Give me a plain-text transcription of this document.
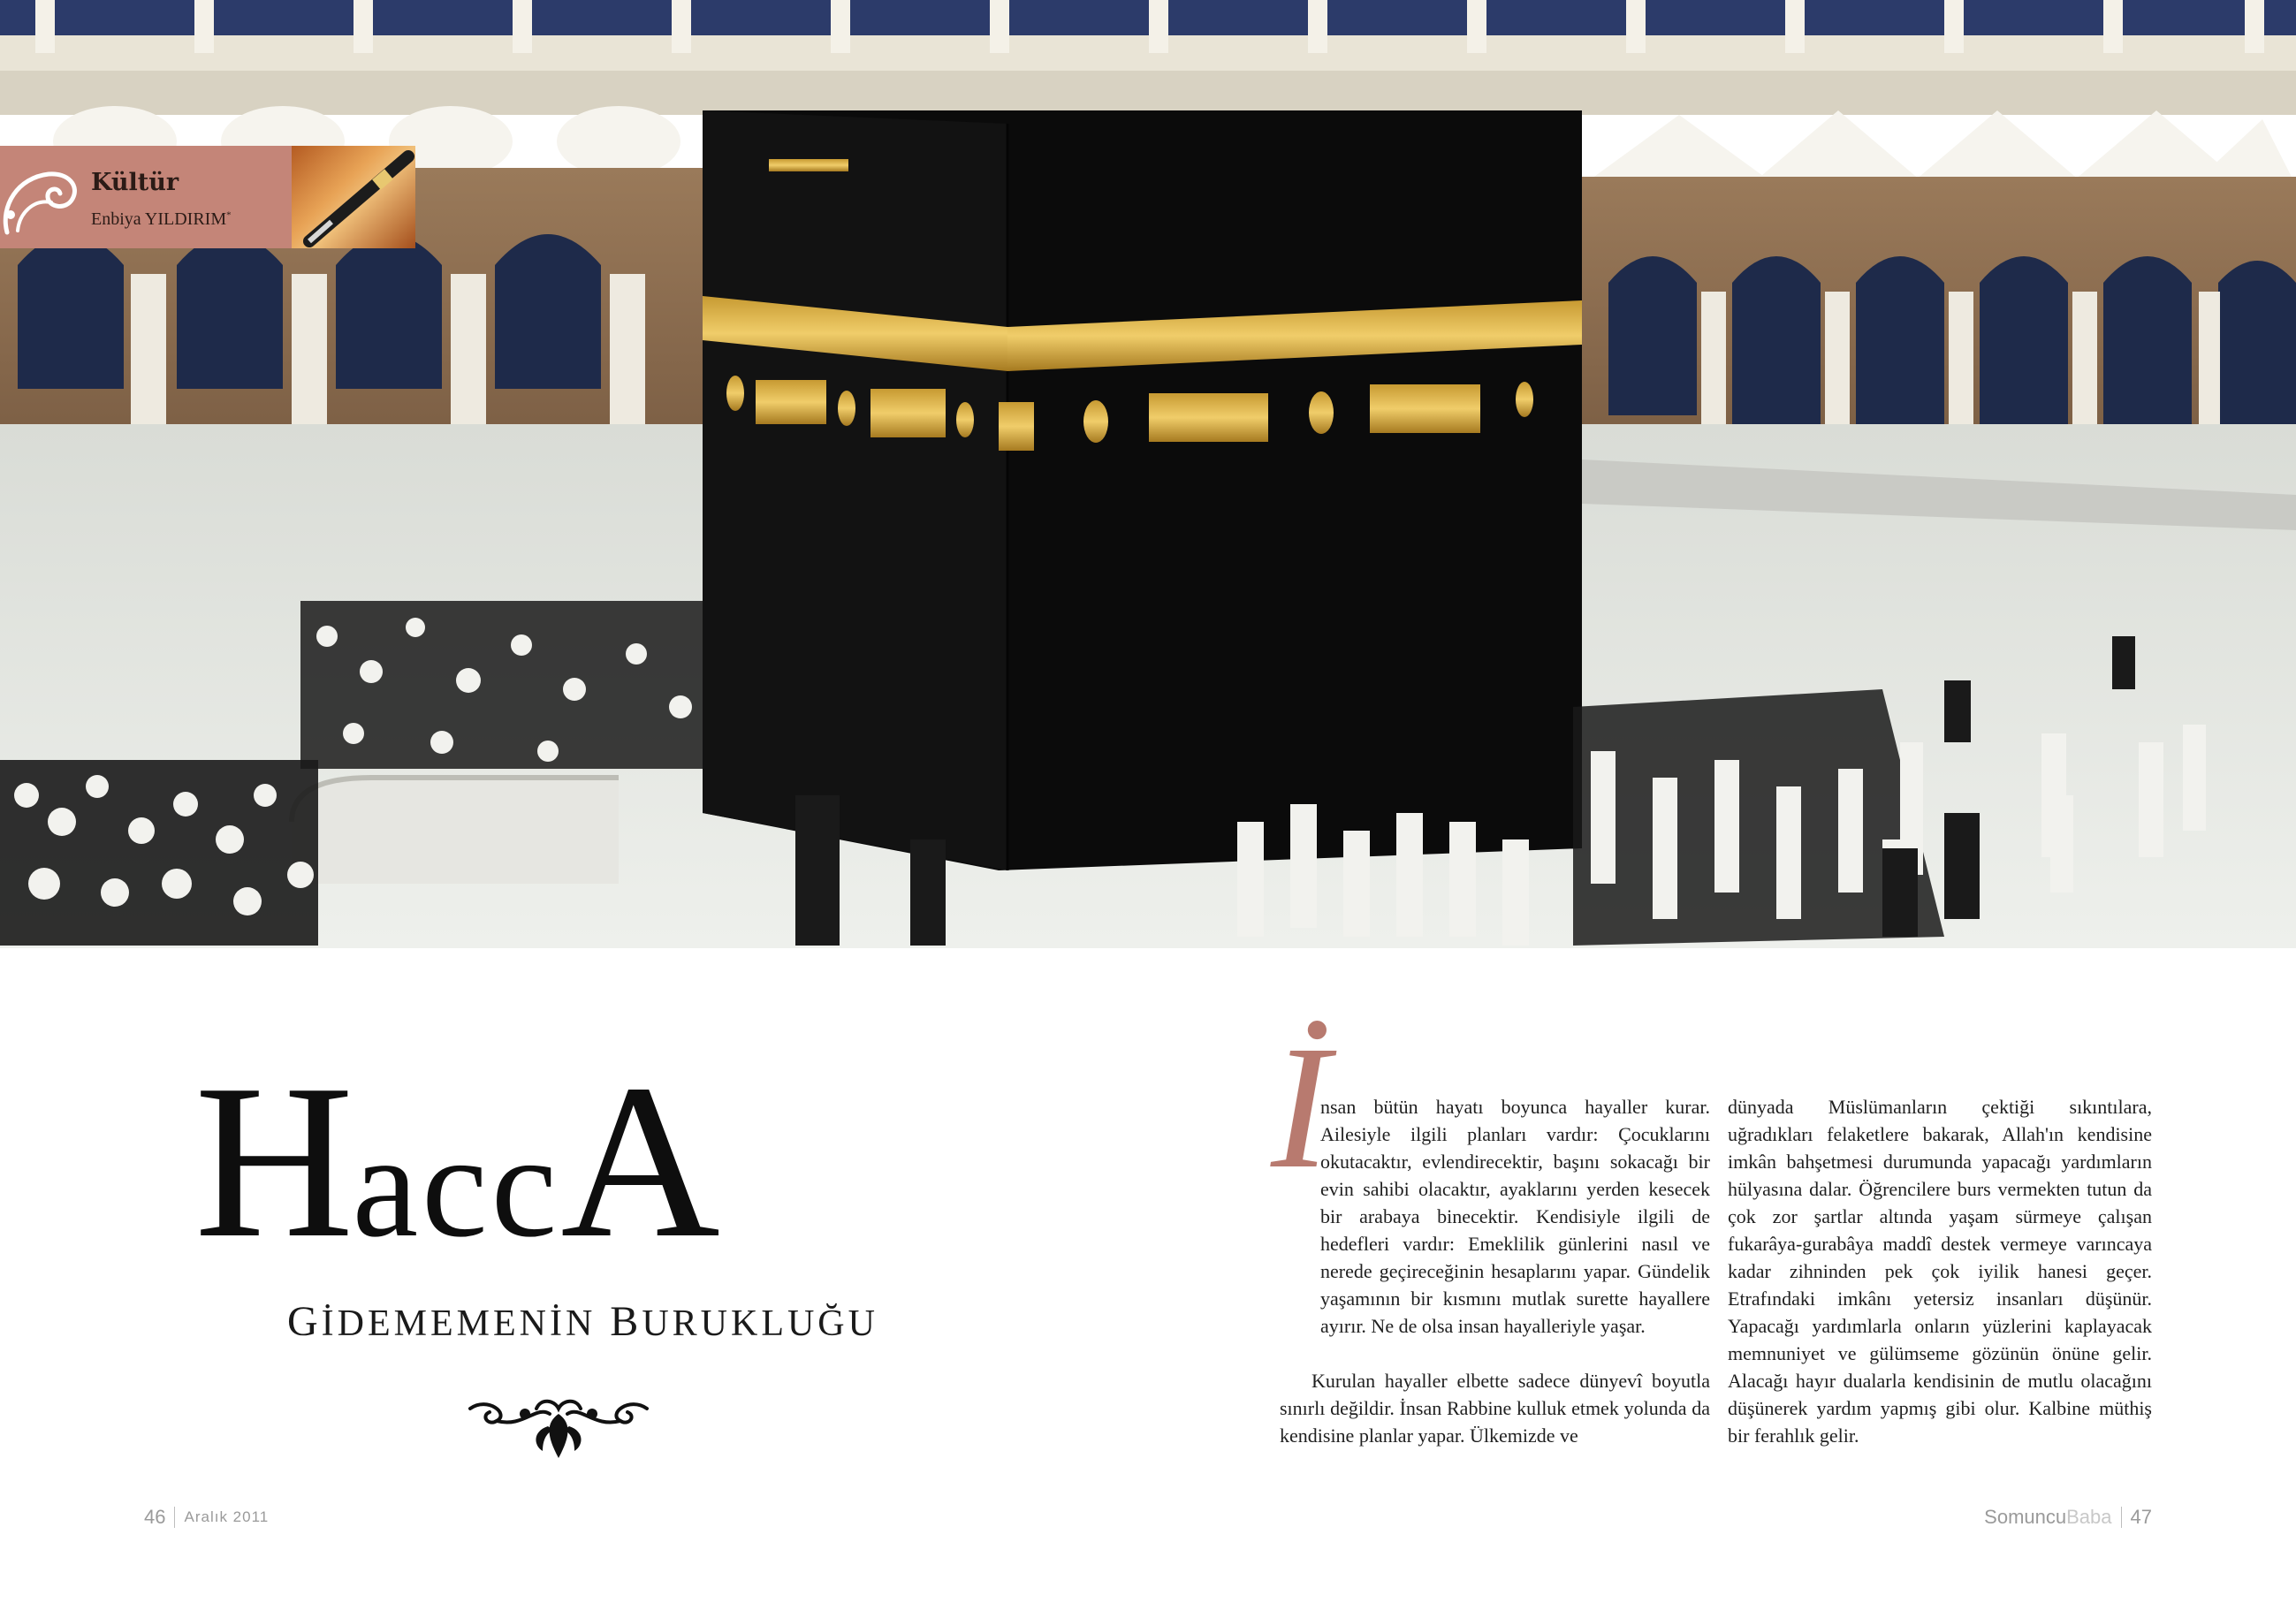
Kültür
Enbiya YILDIRIM*
HaccA
GİDEMEMENİN BURUKLUĞU
İ

nsan bütün hayatı boyunca hayaller kurar. Ailesiyle ilgili planları vardır: Çocuklarını okutacaktır, evlendirecektir, başını sokacağı bir evin sahibi olacaktır, ayaklarını yerden kesecek bir arabaya binecektir. Kendisiyle ilgili de hedefleri vardır: Emeklilik günlerini nasıl ve nerede geçireceğinin hesaplarını yapar. Gündelik yaşamının bir kısmını mutlak surette hayallere ayırır. Ne de olsa insan hayalleriyle yaşar.

Kurulan hayaller elbette sadece dünyevî boyutla sınırlı değildir. İnsan Rabbine kulluk etmek yolunda da kendisine planlar yapar. Ülkemizde ve

dünyada Müslümanların çektiği sıkıntılara, uğradıkları felaketlere bakarak, Allah'ın kendisine imkân bahşetmesi durumunda yapacağı yardımların hülyasına dalar. Öğrencilere burs vermekten tutun da çok zor şartlar altında yaşam sürmeye çalışan fukarâya-gurabâya maddî destek vermeye varıncaya kadar zihninden pek çok iyilik hanesi geçer. Etrafındaki imkânı yetersiz insanları düşünür. Yapacağı yardımlarla onların yüzlerini kaplayacak memnuniyet ve gülümseme gözünün önüne gelir. Alacağı hayır dualarla kendisinin de mutlu olacağını düşünerek yardım yapmış gibi olur. Kalbine müthiş bir ferahlık gelir.

46 Aralık 2011	SomuncuBaba 47
